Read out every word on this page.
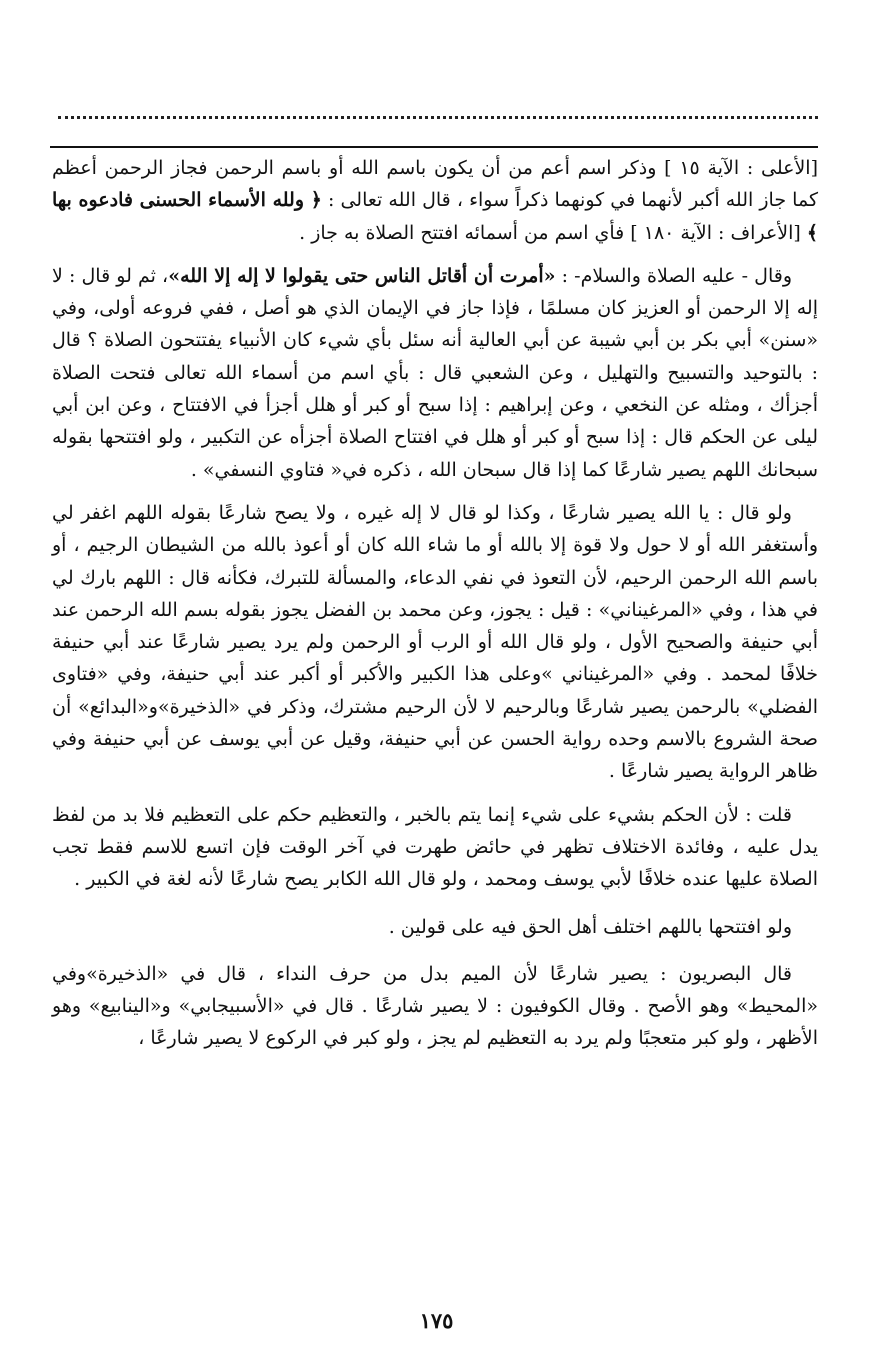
[الأعلى : الآية ١٥ ] وذكر اسم أعم من أن يكون باسم الله أو باسم الرحمن فجاز الرحمن أعظم كما جاز الله أكبر لأنهما في كونهما ذكراً سواء ، قال الله تعالى : ﴿ ولله الأسماء الحسنى فادعوه بها ﴾ [الأعراف : الآية ١٨٠ ] فأي اسم من أسمائه افتتح الصلاة به جاز .

وقال - عليه الصلاة والسلام- : «أمرت أن أقاتل الناس حتى يقولوا لا إله إلا الله»، ثم لو قال : لا إله إلا الرحمن أو العزيز كان مسلمًا ، فإذا جاز في الإيمان الذي هو أصل ، ففي فروعه أولى، وفي «سنن» أبي بكر بن أبي شيبة عن أبي العالية أنه سئل بأي شيء كان الأنبياء يفتتحون الصلاة ؟ قال : بالتوحيد والتسبيح والتهليل ، وعن الشعبي قال : بأي اسم من أسماء الله تعالى فتحت الصلاة أجزأك ، ومثله عن النخعي ، وعن إبراهيم : إذا سبح أو كبر أو هلل أجزأ في الافتتاح ، وعن ابن أبي ليلى عن الحكم قال : إذا سبح أو كبر أو هلل في افتتاح الصلاة أجزأه عن التكبير ، ولو افتتحها بقوله سبحانك اللهم يصير شارعًا كما إذا قال سبحان الله ، ذكره في« فتاوي النسفي» .

ولو قال : يا الله يصير شارعًا ، وكذا لو قال لا إله غيره ، ولا يصح شارعًا بقوله اللهم اغفر لي وأستغفر الله أو لا حول ولا قوة إلا بالله أو ما شاء الله كان أو أعوذ بالله من الشيطان الرجيم ، أو باسم الله الرحمن الرحيم، لأن التعوذ في نفي الدعاء، والمسألة للتبرك، فكأنه قال : اللهم بارك لي في هذا ، وفي «المرغيناني» : قيل : يجوز، وعن محمد بن الفضل يجوز بقوله بسم الله الرحمن عند أبي حنيفة والصحيح الأول ، ولو قال الله أو الرب أو الرحمن ولم يرد يصير شارعًا عند أبي حنيفة خلافًا لمحمد . وفي «المرغيناني »وعلى هذا الكبير والأكبر أو أكبر عند أبي حنيفة، وفي «فتاوى الفضلي» بالرحمن يصير شارعًا وبالرحيم لا لأن الرحيم مشترك، وذكر في «الذخيرة»و«البدائع» أن صحة الشروع بالاسم وحده رواية الحسن عن أبي حنيفة، وقيل عن أبي يوسف عن أبي حنيفة وفي ظاهر الرواية يصير شارعًا .

قلت : لأن الحكم بشيء على شيء إنما يتم بالخبر ، والتعظيم حكم على التعظيم فلا بد من لفظ يدل عليه ، وفائدة الاختلاف تظهر في حائض طهرت في آخر الوقت فإن اتسع للاسم فقط تجب الصلاة عليها عنده خلافًا لأبي يوسف ومحمد ، ولو قال الله الكابر يصح شارعًا لأنه لغة في الكبير .

ولو افتتحها باللهم اختلف أهل الحق فيه على قولين .

قال البصريون : يصير شارعًا لأن الميم بدل من حرف النداء ، قال في «الذخيرة»وفي «المحيط» وهو الأصح . وقال الكوفيون : لا يصير شارعًا . قال في «الأسبيجابي» و«الينابيع» وهو الأظهر ، ولو كبر متعجبًا ولم يرد به التعظيم لم يجز ، ولو كبر في الركوع لا يصير شارعًا ،

١٧٥
